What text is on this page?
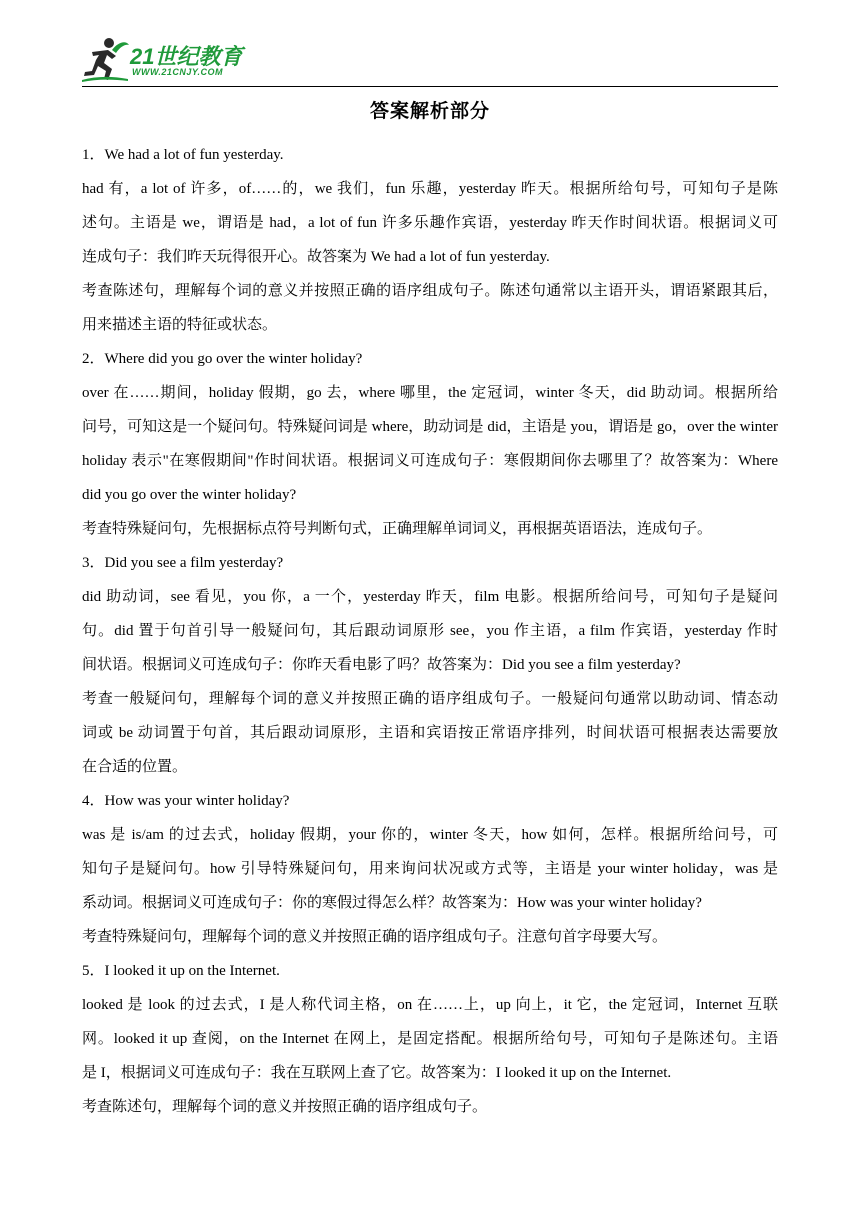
21世纪教育
WWW.21CNJY.COM
答案解析部分
1．We had a lot of fun yesterday.
had 有，a lot of 许多，of……的，we 我们，fun 乐趣，yesterday 昨天。根据所给句号，可知句子是陈
述句。主语是 we，谓语是 had，a lot of fun 许多乐趣作宾语，yesterday 昨天作时间状语。根据词义可
连成句子：我们昨天玩得很开心。故答案为 We had a lot of fun yesterday.
考查陈述句，理解每个词的意义并按照正确的语序组成句子。陈述句通常以主语开头，谓语紧跟其后，
用来描述主语的特征或状态。
2．Where did you go over the winter holiday?
over 在……期间，holiday 假期，go 去，where 哪里，the 定冠词，winter 冬天，did 助动词。根据所给
问号，可知这是一个疑问句。特殊疑问词是 where，助动词是 did，主语是 you，谓语是 go，over the winter
holiday 表示"在寒假期间"作时间状语。根据词义可连成句子：寒假期间你去哪里了？故答案为：Where
did you go over the winter holiday?
考查特殊疑问句，先根据标点符号判断句式，正确理解单词词义，再根据英语语法，连成句子。
3．Did you see a film yesterday?
did 助动词，see 看见，you 你，a 一个，yesterday 昨天，film 电影。根据所给问号，可知句子是疑问
句。did 置于句首引导一般疑问句，其后跟动词原形 see，you 作主语，a film 作宾语，yesterday 作时
间状语。根据词义可连成句子：你昨天看电影了吗？故答案为：Did you see a film yesterday?
考查一般疑问句，理解每个词的意义并按照正确的语序组成句子。一般疑问句通常以助动词、情态动
词或 be 动词置于句首，其后跟动词原形，主语和宾语按正常语序排列，时间状语可根据表达需要放
在合适的位置。
4．How was your winter holiday?
was 是 is/am 的过去式，holiday 假期，your 你的，winter 冬天，how 如何，怎样。根据所给问号，可
知句子是疑问句。how 引导特殊疑问句，用来询问状况或方式等，主语是 your winter holiday，was 是
系动词。根据词义可连成句子：你的寒假过得怎么样？故答案为：How was your winter holiday?
考查特殊疑问句，理解每个词的意义并按照正确的语序组成句子。注意句首字母要大写。
5．I looked it up on the Internet.
looked 是 look 的过去式，I 是人称代词主格，on 在……上，up 向上，it 它，the 定冠词，Internet 互联
网。looked it up 查阅，on the Internet 在网上，是固定搭配。根据所给句号，可知句子是陈述句。主语
是 I，根据词义可连成句子：我在互联网上查了它。故答案为：I looked it up on the Internet.
考查陈述句，理解每个词的意义并按照正确的语序组成句子。
